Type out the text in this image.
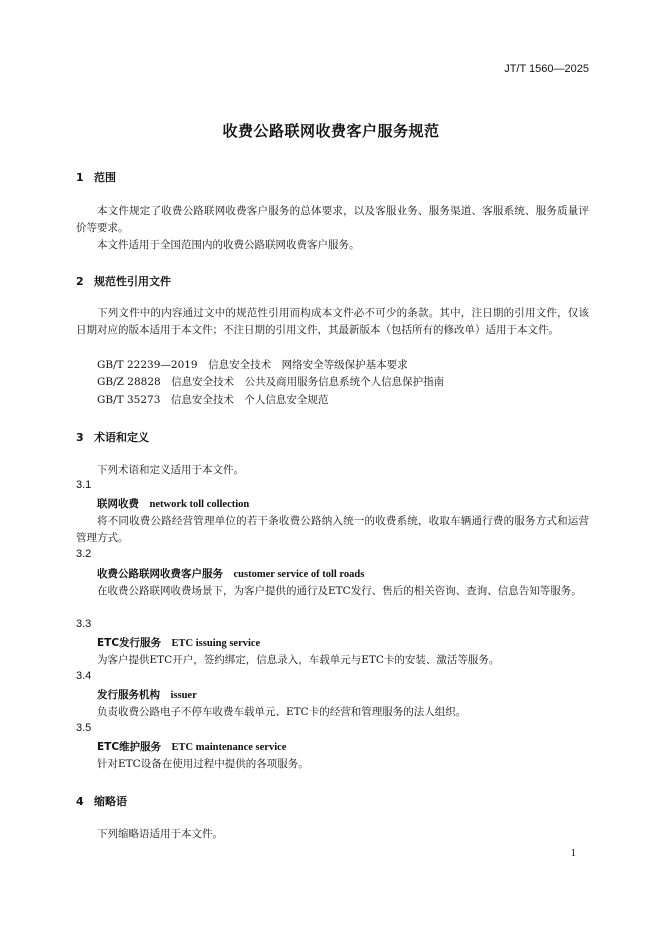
JT/T 1560—2025
收费公路联网收费客户服务规范
1 范围

本文件规定了收费公路联网收费客户服务的总体要求，以及客服业务、服务渠道、客服系统、服务质量评价等要求。

本文件适用于全国范围内的收费公路联网收费客户服务。

2 规范性引用文件

下列文件中的内容通过文中的规范性引用而构成本文件必不可少的条款。其中，注日期的引用文件，仅该日期对应的版本适用于本文件；不注日期的引用文件，其最新版本（包括所有的修改单）适用于本文件。

GB/T 22239—2019　信息安全技术　网络安全等级保护基本要求
GB/Z 28828　信息安全技术　公共及商用服务信息系统个人信息保护指南
GB/T 35273　信息安全技术　个人信息安全规范
3 术语和定义

下列术语和定义适用于本文件。

3.1
联网收费　 network toll collection

将不同收费公路经营管理单位的若干条收费公路纳入统一的收费系统，收取车辆通行费的服务方式和运营管理方式。

3.2
收费公路联网收费客户服务　 customer service of toll roads

在收费公路联网收费场景下，为客户提供的通行及ETC发行、售后的相关咨询、查询、信息告知等服务。

3.3
ETC发行服务　 ETC issuing service

为客户提供ETC开户，签约绑定，信息录入，车载单元与ETC卡的安装、激活等服务。

3.4
发行服务机构　 issuer

负责收费公路电子不停车收费车载单元、ETC卡的经营和管理服务的法人组织。

3.5
ETC维护服务　 ETC maintenance service

针对ETC设备在使用过程中提供的各项服务。

4 缩略语

下列缩略语适用于本文件。

1
